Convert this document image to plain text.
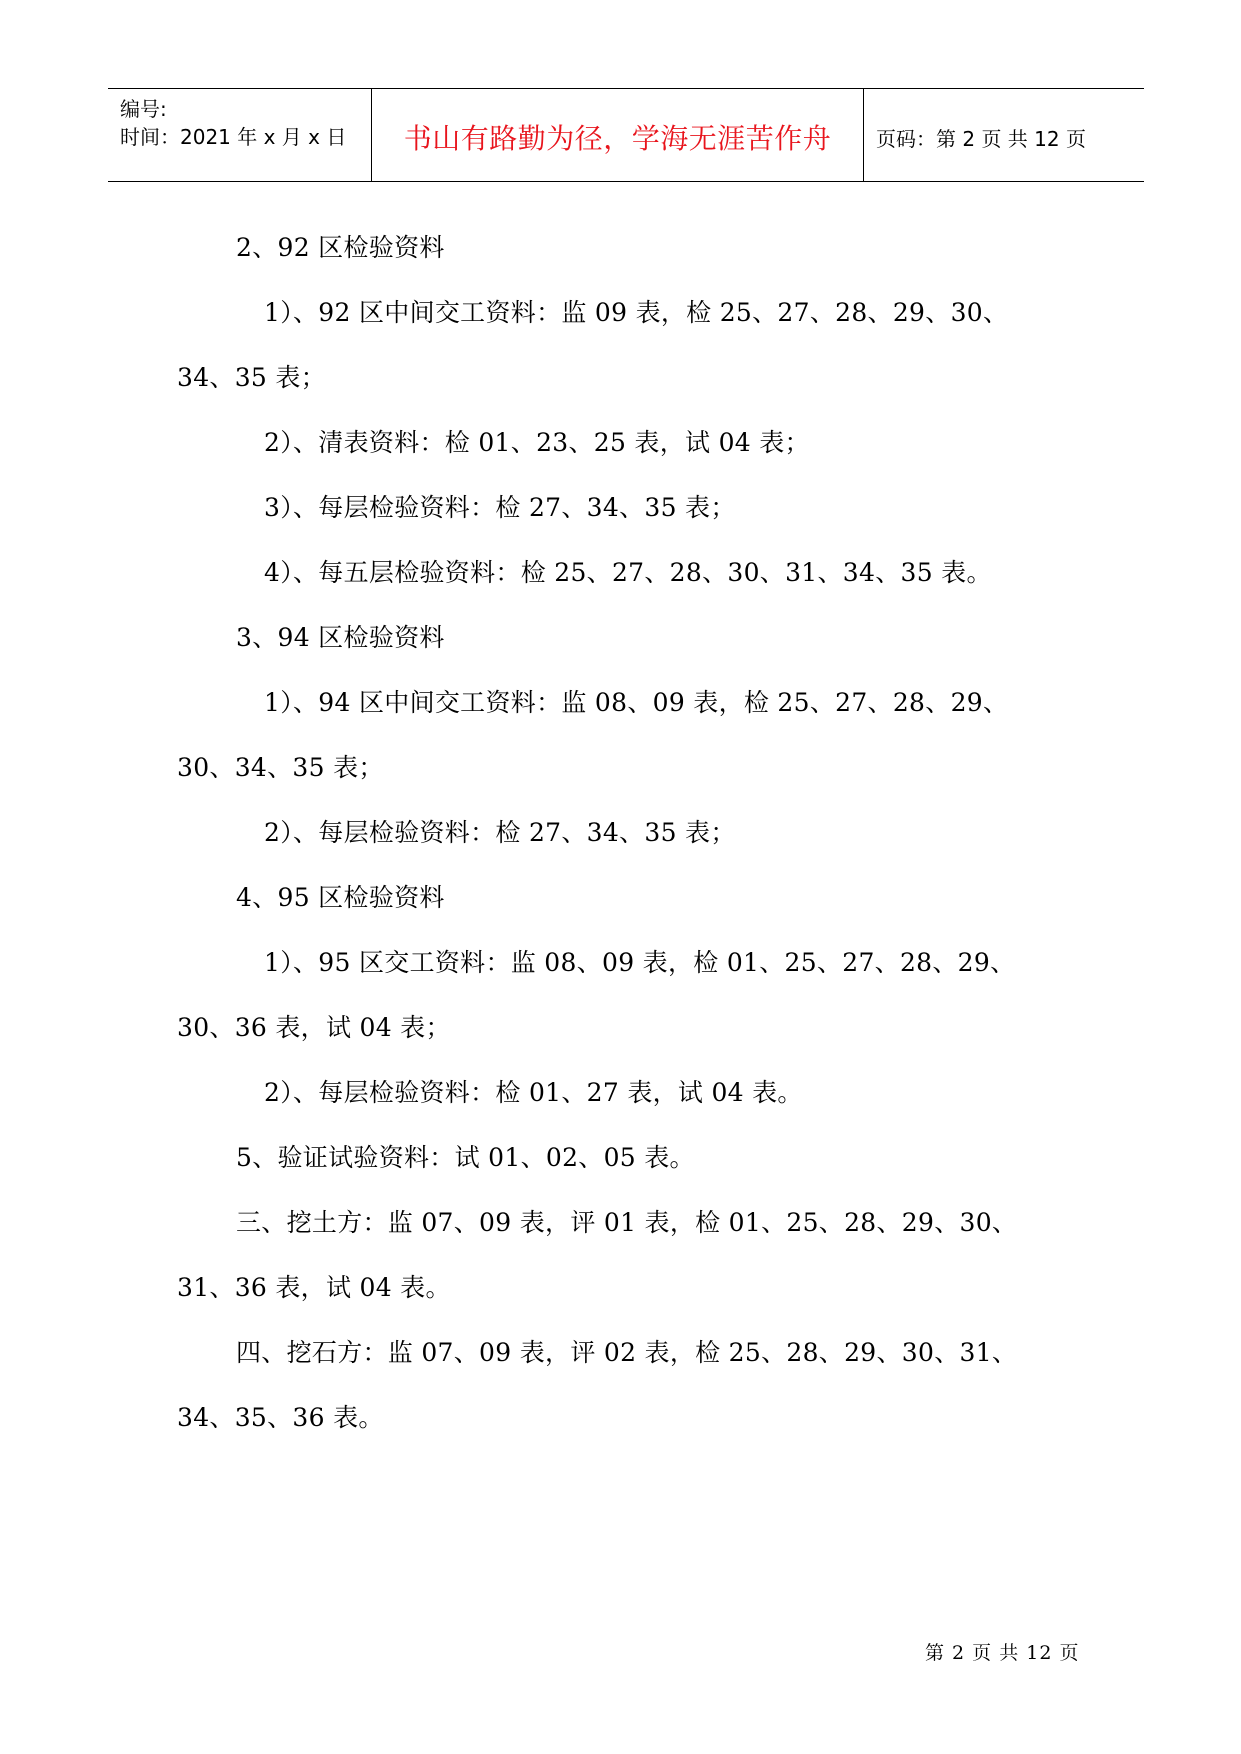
编号:
时间：2021 年 x 月 x 日	书山有路勤为径，学海无涯苦作舟	页码：第 2 页 共 12 页
2、92 区检验资料
1）、92 区中间交工资料：监 09 表，检 25、27、28、29、30、
34、35 表；
2）、清表资料：检 01、23、25 表，试 04 表；
3）、每层检验资料：检 27、34、35 表；
4）、每五层检验资料：检 25、27、28、30、31、34、35 表。
3、94 区检验资料
1）、94 区中间交工资料：监 08、09 表，检 25、27、28、29、
30、34、35 表；
2）、每层检验资料：检 27、34、35 表；
4、95 区检验资料
1）、95 区交工资料：监 08、09 表，检 01、25、27、28、29、
30、36 表，试 04 表；
2）、每层检验资料：检 01、27 表，试 04 表。
5、验证试验资料：试 01、02、05 表。
三、挖土方：监 07、09 表，评 01 表，检 01、25、28、29、30、
31、36 表，试 04 表。
四、挖石方：监 07、09 表，评 02 表，检 25、28、29、30、31、
34、35、36 表。
第 2 页 共 12 页
